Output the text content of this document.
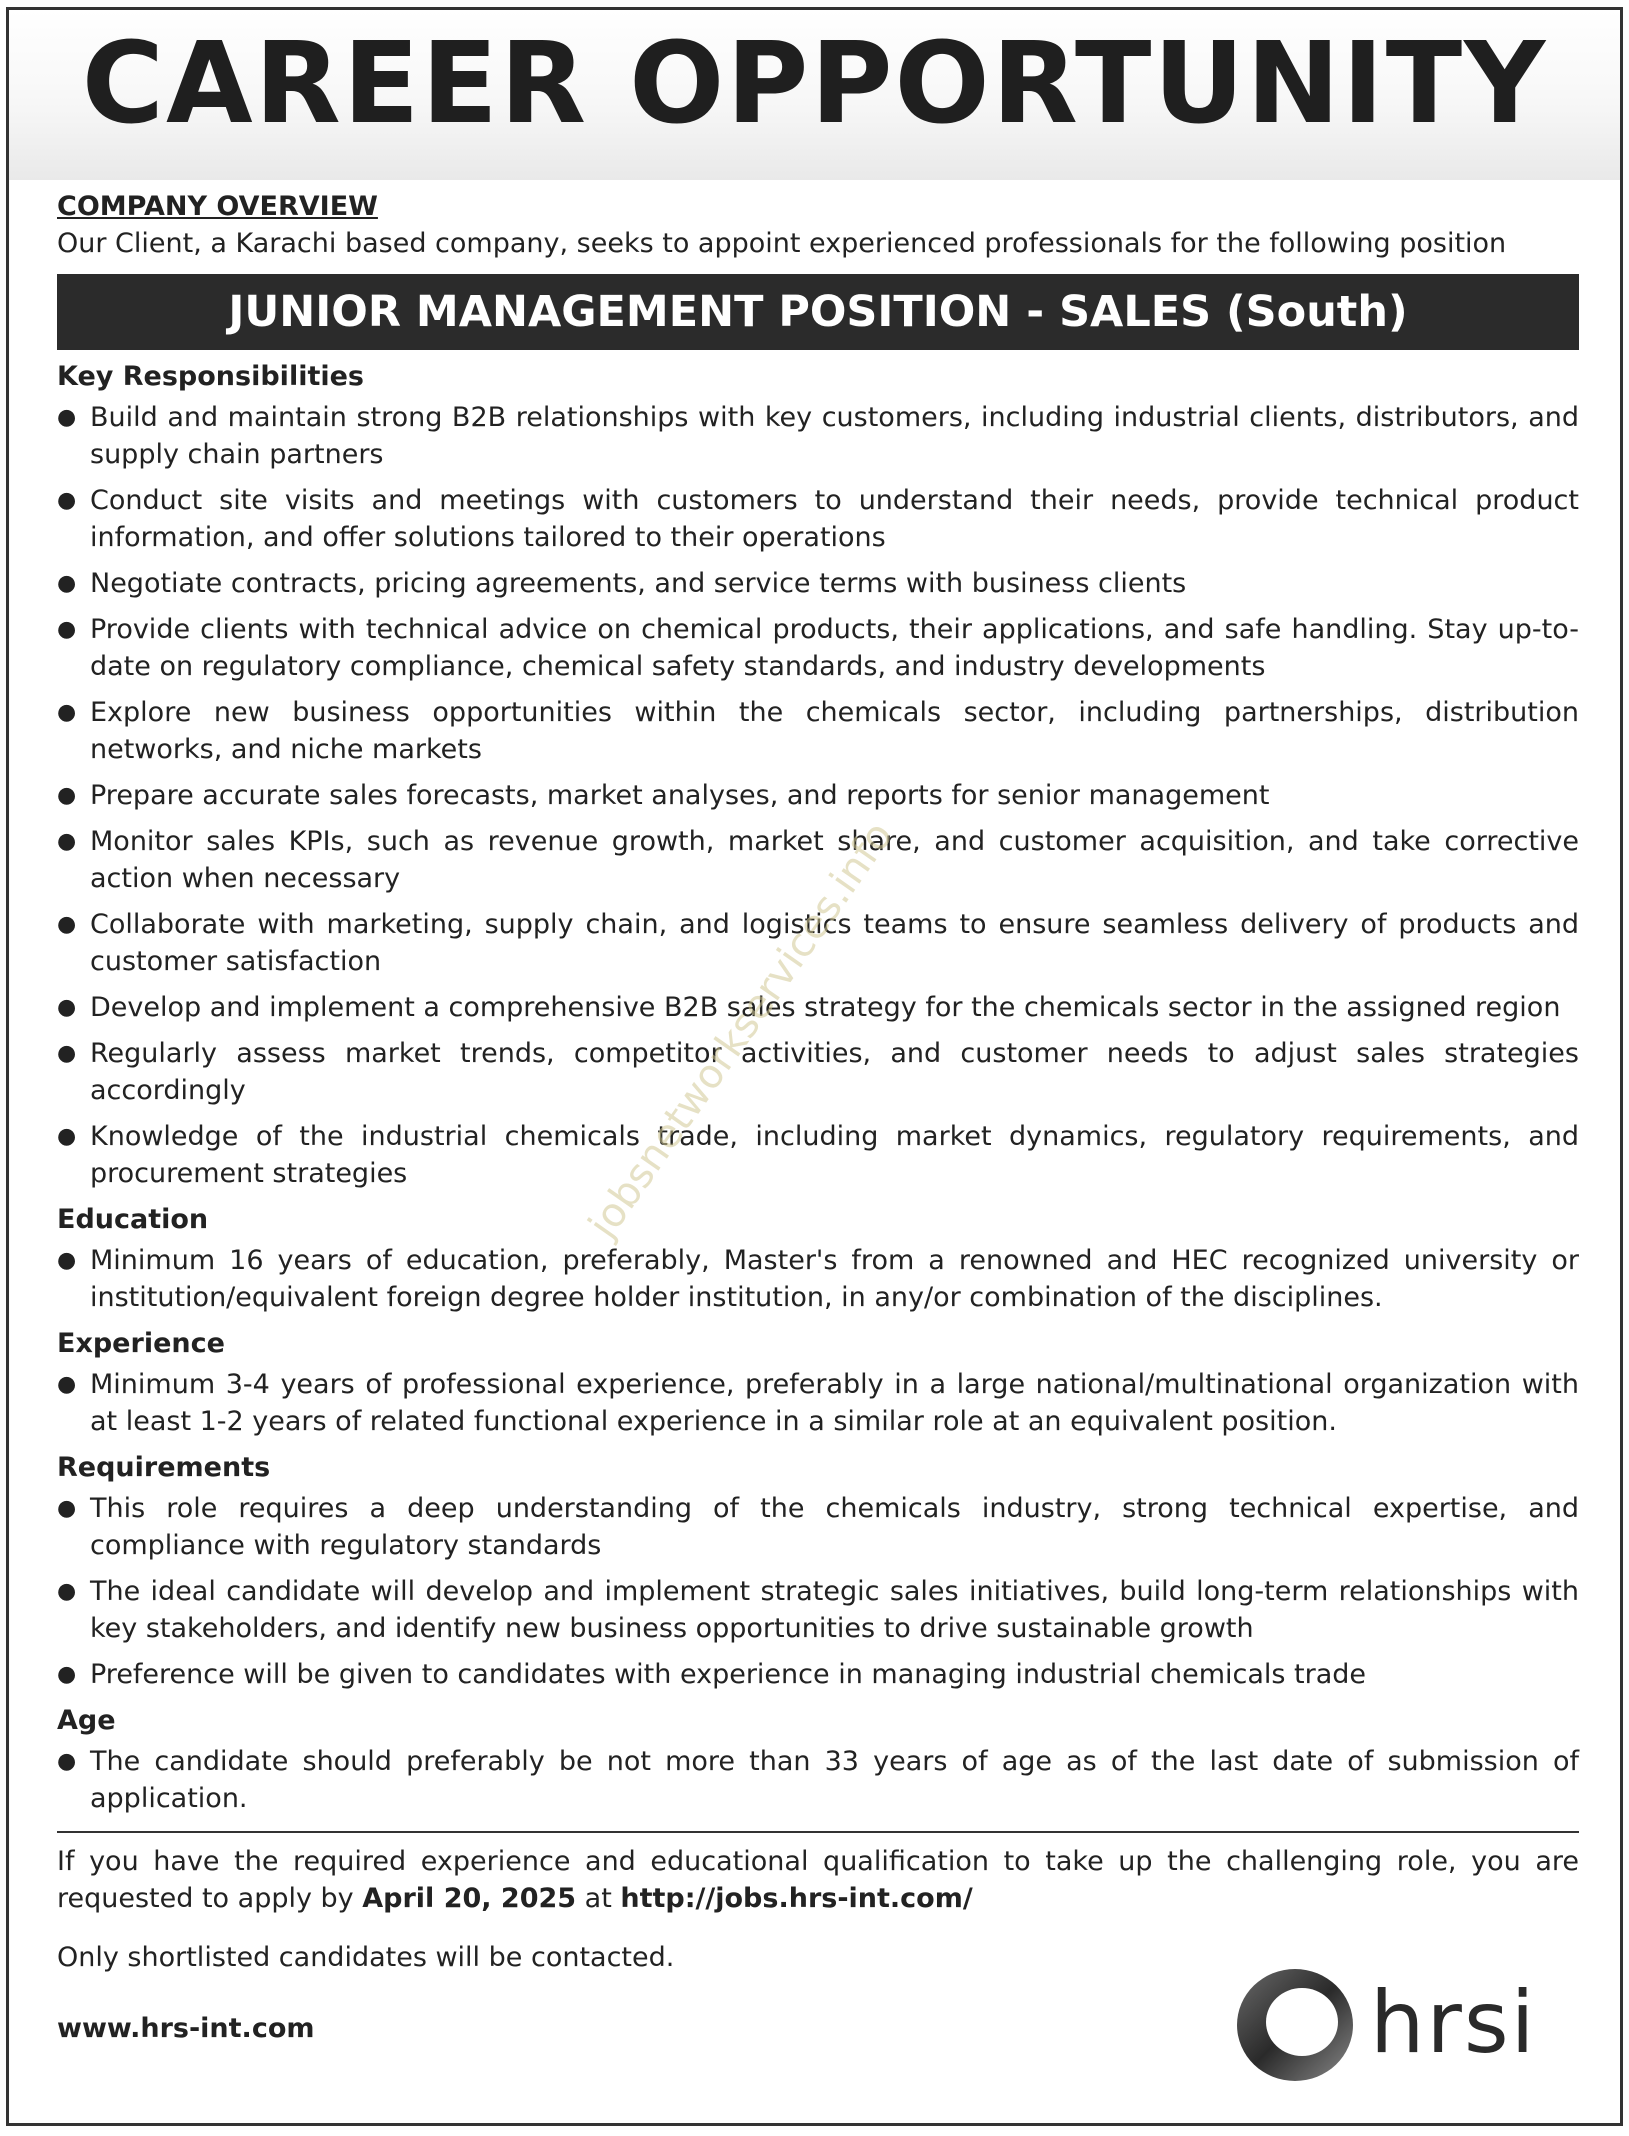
CAREER OPPORTUNITY

COMPANY OVERVIEW

Our Client, a Karachi based company, seeks to appoint experienced professionals for the following position

JUNIOR MANAGEMENT POSITION - SALES (South)
Key Responsibilities
● Build and maintain strong B2B relationships with key customers, including industrial clients, distributors, and supply chain partners
● Conduct site visits and meetings with customers to understand their needs, provide technical product information, and offer solutions tailored to their operations
● Negotiate contracts, pricing agreements, and service terms with business clients
● Provide clients with technical advice on chemical products, their applications, and safe handling. Stay up-to-date on regulatory compliance, chemical safety standards, and industry developments
● Explore new business opportunities within the chemicals sector, including partnerships, distribution networks, and niche markets
● Prepare accurate sales forecasts, market analyses, and reports for senior management
● Monitor sales KPIs, such as revenue growth, market share, and customer acquisition, and take corrective action when necessary
● Collaborate with marketing, supply chain, and logistics teams to ensure seamless delivery of products and customer satisfaction
● Develop and implement a comprehensive B2B sales strategy for the chemicals sector in the assigned region
● Regularly assess market trends, competitor activities, and customer needs to adjust sales strategies accordingly
● Knowledge of the industrial chemicals trade, including market dynamics, regulatory requirements, and procurement strategies
Education
● Minimum 16 years of education, preferably, Master's from a renowned and HEC recognized university or institution/equivalent foreign degree holder institution, in any/or combination of the disciplines.
Experience
● Minimum 3-4 years of professional experience, preferably in a large national/multinational organization with at least 1-2 years of related functional experience in a similar role at an equivalent position.
Requirements
● This role requires a deep understanding of the chemicals industry, strong technical expertise, and compliance with regulatory standards
● The ideal candidate will develop and implement strategic sales initiatives, build long-term relationships with key stakeholders, and identify new business opportunities to drive sustainable growth
● Preference will be given to candidates with experience in managing industrial chemicals trade
Age
● The candidate should preferably be not more than 33 years of age as of the last date of submission of application.

If you have the required experience and educational qualification to take up the challenging role, you are requested to apply by April 20, 2025 at http://jobs.hrs-int.com/

Only shortlisted candidates will be contacted.

www.hrs-int.com

jobsnetworkservices.info
hrsi
